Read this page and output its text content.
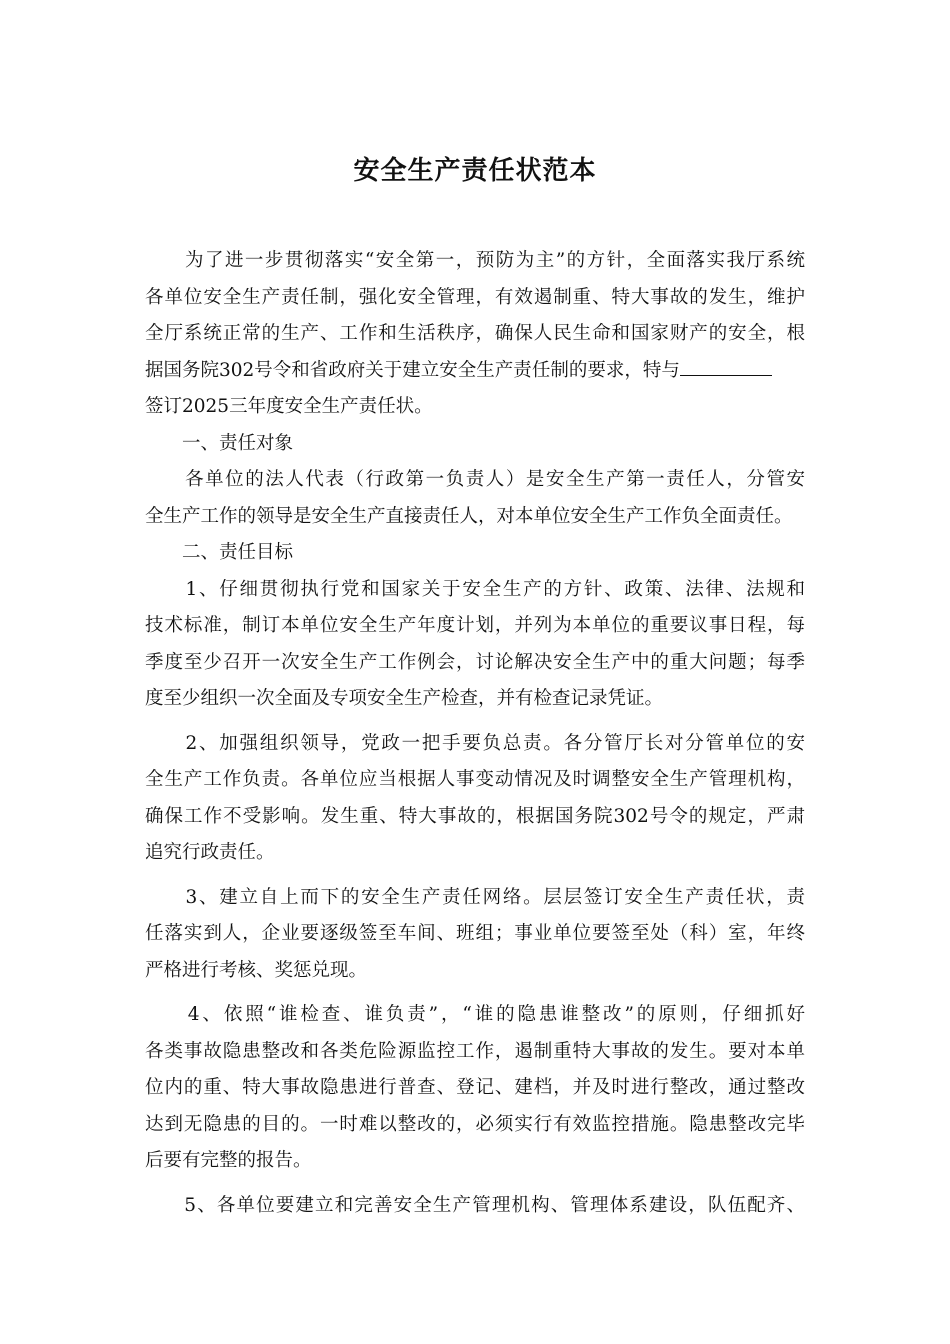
安全生产责任状范本
　　为了进一步贯彻落实“安全第一，预防为主”的方针，全面落实我厅系统
各单位安全生产责任制，强化安全管理，有效遏制重、特大事故的发生，维护
全厅系统正常的生产、工作和生活秩序，确保人民生命和国家财产的安全，根
据国务院302号令和省政府关于建立安全生产责任制的要求，特与
签订2025三年度安全生产责任状。
　　一、责任对象
　　各单位的法人代表（行政第一负责人）是安全生产第一责任人，分管安
全生产工作的领导是安全生产直接责任人，对本单位安全生产工作负全面责任。
　　二、责任目标
　　1、仔细贯彻执行党和国家关于安全生产的方针、政策、法律、法规和
技术标准，制订本单位安全生产年度计划，并列为本单位的重要议事日程，每
季度至少召开一次安全生产工作例会，讨论解决安全生产中的重大问题；每季
度至少组织一次全面及专项安全生产检查，并有检查记录凭证。
　　2、加强组织领导，党政一把手要负总责。各分管厅长对分管单位的安
全生产工作负责。各单位应当根据人事变动情况及时调整安全生产管理机构，
确保工作不受影响。发生重、特大事故的，根据国务院302号令的规定，严肃
追究行政责任。
　　3、建立自上而下的安全生产责任网络。层层签订安全生产责任状，责
任落实到人，企业要逐级签至车间、班组；事业单位要签至处（科）室，年终
严格进行考核、奖惩兑现。
　　4、依照“谁检查、谁负责”，“谁的隐患谁整改”的原则，仔细抓好
各类事故隐患整改和各类危险源监控工作，遏制重特大事故的发生。要对本单
位内的重、特大事故隐患进行普查、登记、建档，并及时进行整改，通过整改
达到无隐患的目的。一时难以整改的，必须实行有效监控措施。隐患整改完毕
后要有完整的报告。
　　5、各单位要建立和完善安全生产管理机构、管理体系建设，队伍配齐、
